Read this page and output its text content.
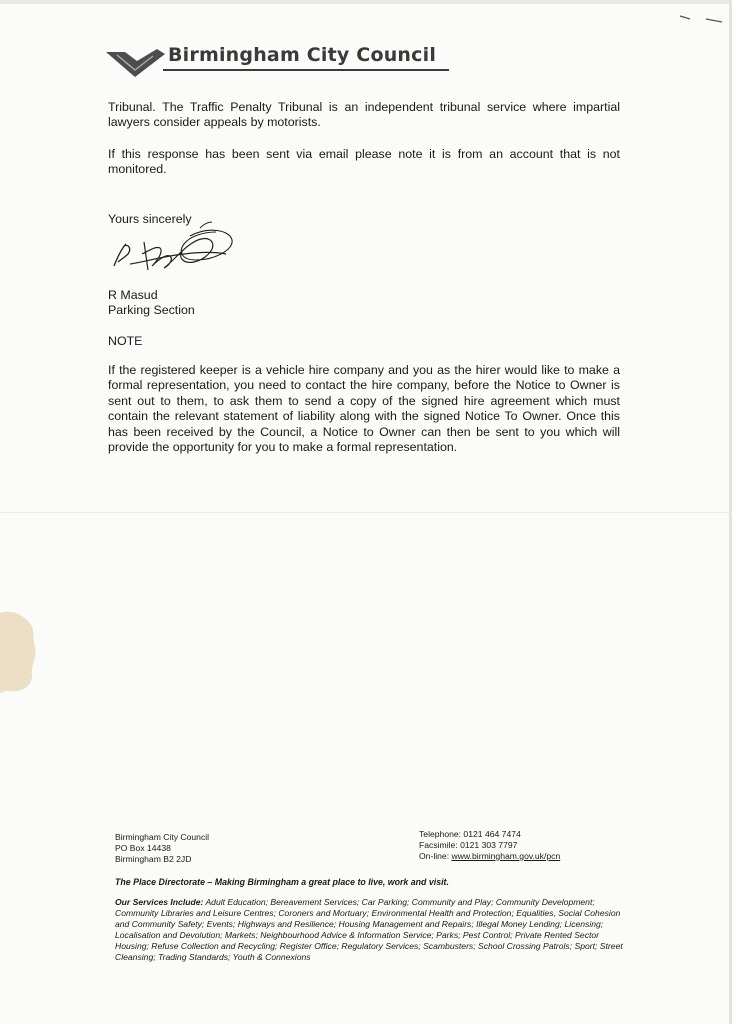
Birmingham City Council
Tribunal. The Traffic Penalty Tribunal is an independent tribunal service where impartial lawyers consider appeals by motorists.
If this response has been sent via email please note it is from an account that is not monitored.
Yours sincerely
R Masud
Parking Section
NOTE
If the registered keeper is a vehicle hire company and you as the hirer would like to make a formal representation, you need to contact the hire company, before the Notice to Owner is sent out to them, to ask them to send a copy of the signed hire agreement which must contain the relevant statement of liability along with the signed Notice To Owner. Once this has been received by the Council, a Notice to Owner can then be sent to you which will provide the opportunity for you to make a formal representation.
Birmingham City Council
PO Box 14438
Birmingham B2 2JD
Telephone: 0121 464 7474
Facsimile: 0121 303 7797
On-line: www.birmingham.gov.uk/pcn
The Place Directorate – Making Birmingham a great place to live, work and visit.
Our Services Include: Adult Education; Bereavement Services; Car Parking; Community and Play; Community Development; Community Libraries and Leisure Centres; Coroners and Mortuary; Environmental Health and Protection; Equalities, Social Cohesion and Community Safety; Events; Highways and Resilience; Housing Management and Repairs; Illegal Money Lending; Licensing; Localisation and Devolution; Markets; Neighbourhood Advice & Information Service; Parks; Pest Control; Private Rented Sector Housing; Refuse Collection and Recycling; Register Office; Regulatory Services; Scambusters; School Crossing Patrols; Sport; Street Cleansing; Trading Standards; Youth & Connexions
